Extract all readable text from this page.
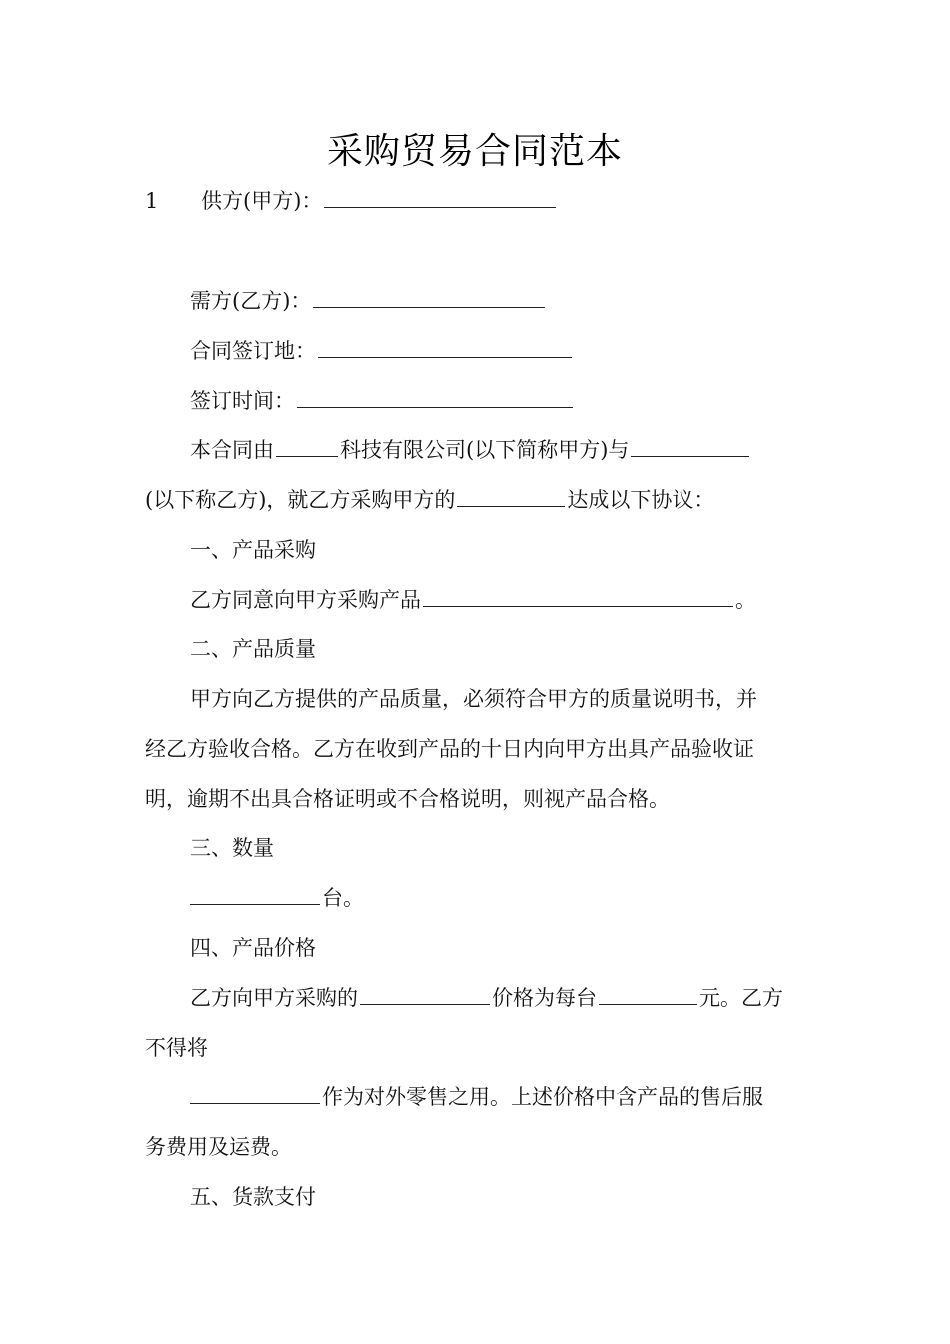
采购贸易合同范本
1 供方(甲方)：
需方(乙方)：
合同签订地：
签订时间：
本合同由	科技有限公司(以下简称甲方)与
(以下称乙方)，就乙方采购甲方的	达成以下协议：
一、产品采购
乙方同意向甲方采购产品	。
二、产品质量
甲方向乙方提供的产品质量，必须符合甲方的质量说明书，并
经乙方验收合格。乙方在收到产品的十日内向甲方出具产品验收证
明，逾期不出具合格证明或不合格说明，则视产品合格。
三、数量
台。
四、产品价格
乙方向甲方采购的	价格为每台	元。乙方
不得将
作为对外零售之用。上述价格中含产品的售后服
务费用及运费。
五、货款支付
